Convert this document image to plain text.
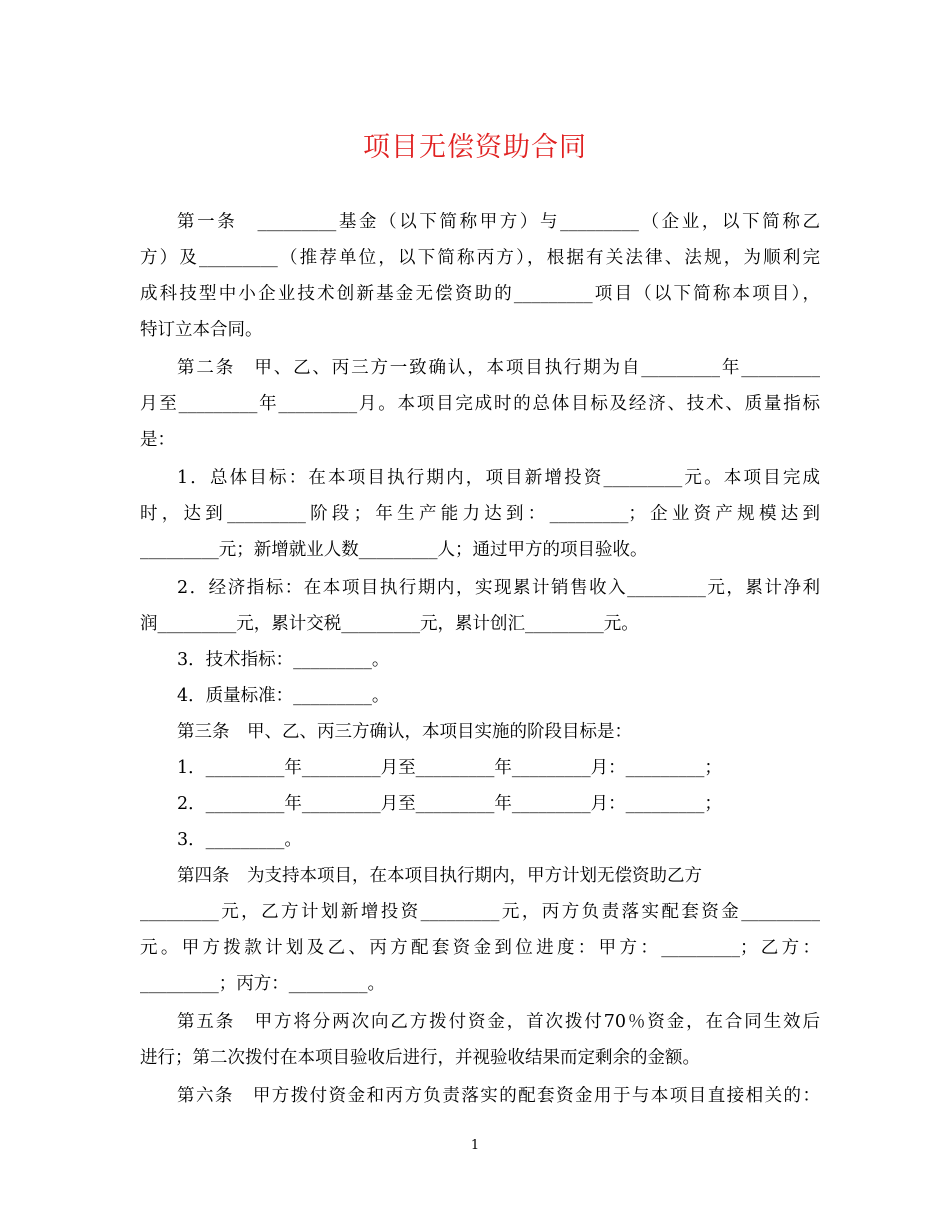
项目无偿资助合同
第一条　_________基金（以下简称甲方）与_________（企业，以下简称乙
方）及_________（推荐单位，以下简称丙方），根据有关法律、法规，为顺利完
成科技型中小企业技术创新基金无偿资助的_________项目（以下简称本项目），
特订立本合同。
第二条　甲、乙、丙三方一致确认，本项目执行期为自_________年_________
月至_________年_________月。本项目完成时的总体目标及经济、技术、质量指标
是：
1．总体目标：在本项目执行期内，项目新增投资_________元。本项目完成
时，达到_________阶段；年生产能力达到：_________；企业资产规模达到
_________元；新增就业人数_________人；通过甲方的项目验收。
2．经济指标：在本项目执行期内，实现累计销售收入_________元，累计净利
润_________元，累计交税_________元，累计创汇_________元。
3．技术指标：_________。
4．质量标准：_________。
第三条　甲、乙、丙三方确认，本项目实施的阶段目标是：
1．_________年_________月至_________年_________月：_________；
2．_________年_________月至_________年_________月：_________；
3．_________。
第四条　为支持本项目，在本项目执行期内，甲方计划无偿资助乙方
_________元，乙方计划新增投资_________元，丙方负责落实配套资金_________
元。甲方拨款计划及乙、丙方配套资金到位进度：甲方：_________；乙方：
_________；丙方：_________。
第五条　甲方将分两次向乙方拨付资金，首次拨付70％资金，在合同生效后
进行；第二次拨付在本项目验收后进行，并视验收结果而定剩余的金额。
第六条　甲方拨付资金和丙方负责落实的配套资金用于与本项目直接相关的：
1
